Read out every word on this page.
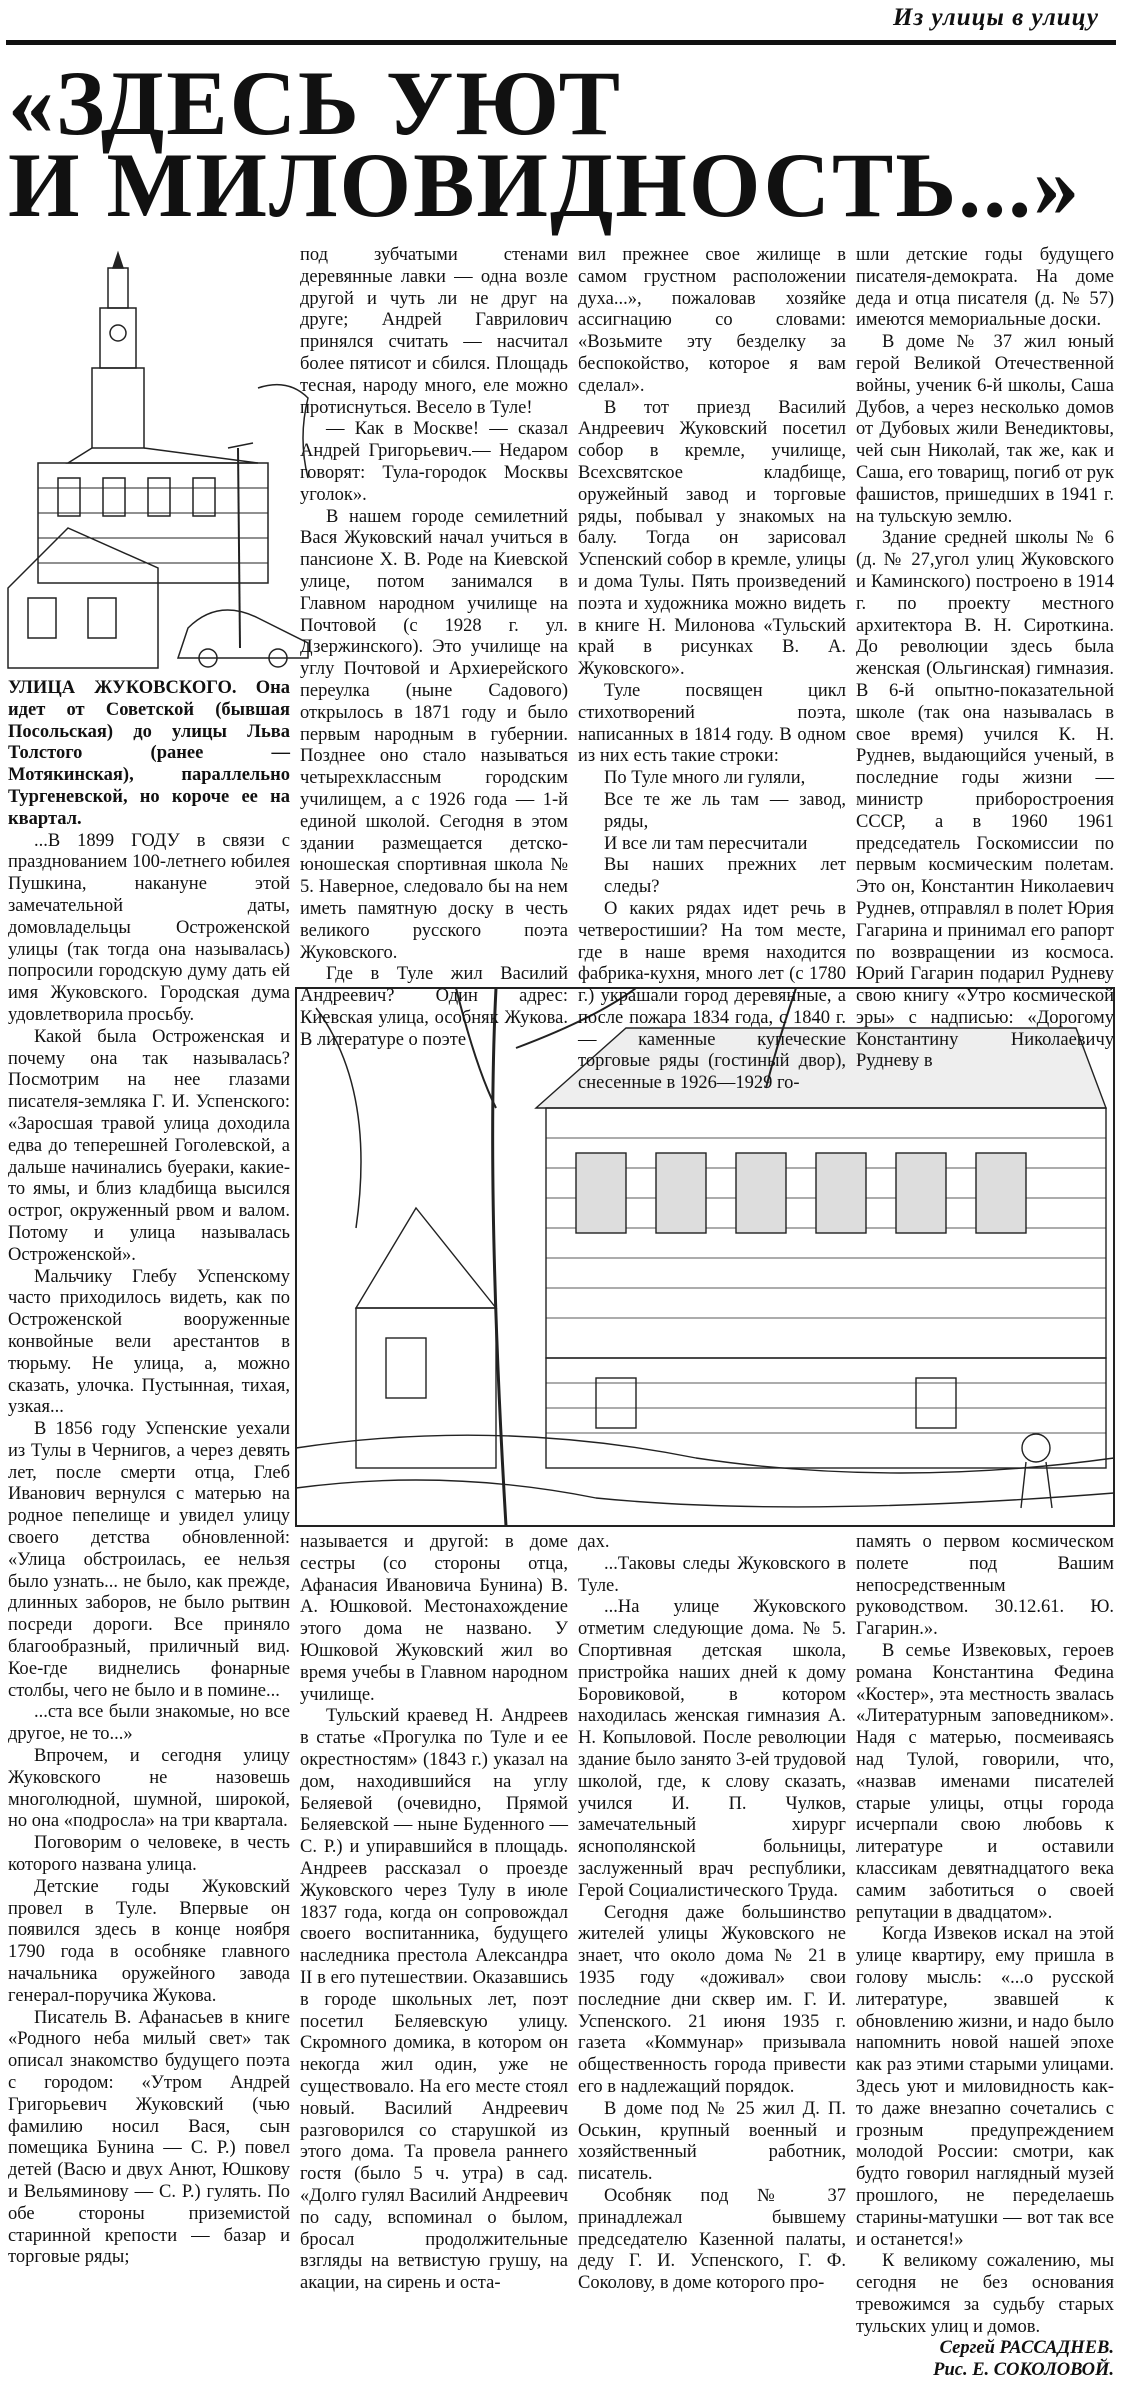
Из улицы в улицу
«ЗДЕСЬ УЮТ
И МИЛОВИДНОСТЬ...»

УЛИЦА ЖУКОВСКОГО. Она идет от Советской (бывшая Посольская) до улицы Льва Толстого (ранее — Мотякинская), параллельно Тургеневской, но короче ее на квартал.

...В 1899 ГОДУ в связи с празднованием 100-летнего юбилея Пушкина, накануне этой замечательной даты, домовладельцы Остроженской улицы (так тогда она называлась) попросили городскую думу дать ей имя Жуковского. Городская дума удовлетворила просьбу.

Какой была Остроженская и почему она так называлась? Посмотрим на нее глазами писателя-земляка Г. И. Успенского: «Заросшая травой улица доходила едва до теперешней Гоголевской, а дальше начинались буераки, какие-то ямы, и близ кладбища высился острог, окруженный рвом и валом. Потому и улица называлась Остроженской».

Мальчику Глебу Успенскому часто приходилось видеть, как по Остроженской вооруженные конвойные вели арестантов в тюрьму. Не улица, а, можно сказать, улочка. Пустынная, тихая, узкая...

В 1856 году Успенские уехали из Тулы в Чернигов, а через девять лет, после смерти отца, Глеб Иванович вернулся с матерью на родное пепелище и увидел улицу своего детства обновленной: «Улица обстроилась, ее нельзя было узнать... не было, как прежде, длинных заборов, не было рытвин посреди дороги. Все приняло благообразный, приличный вид. Кое-где виднелись фонарные столбы, чего не было и в помине...

...ста все были знакомые, но все другое, не то...»

Впрочем, и сегодня улицу Жуковского не назовешь многолюдной, шумной, широкой, но она «подросла» на три квартала.

Поговорим о человеке, в честь которого названа улица.

Детские годы Жуковский провел в Туле. Впервые он появился здесь в конце ноября 1790 года в особняке главного начальника оружейного завода генерал-поручика Жукова.

Писатель В. Афанасьев в книге «Родного неба милый свет» так описал знакомство будущего поэта с городом: «Утром Андрей Григорьевич Жуковский (чью фамилию носил Вася, сын помещика Бунина — С. Р.) повел детей (Васю и двух Анют, Юшкову и Вельяминову — С. Р.) гулять. По обе стороны приземистой старинной крепости — базар и торговые ряды;

под зубчатыми стенами деревянные лавки — одна возле другой и чуть ли не друг на друге; Андрей Гаврилович принялся считать — насчитал более пятисот и сбился. Площадь тесная, народу много, еле можно протиснуться. Весело в Туле!

— Как в Москве! — сказал Андрей Григорьевич.— Недаром говорят: Тула-городок Москвы уголок».

В нашем городе семилетний Вася Жуковский начал учиться в пансионе Х. В. Роде на Киевской улице, потом занимался в Главном народном училище на Почтовой (с 1928 г. ул. Дзержинского). Это училище на углу Почтовой и Архиерейского переулка (ныне Садового) открылось в 1871 году и было первым народным в губернии. Позднее оно стало называться четырехклассным городским училищем, а с 1926 года — 1-й единой школой. Сегодня в этом здании размещается детско-юношеская спортивная школа № 5. Наверное, следовало бы на нем иметь памятную доску в честь великого русского поэта Жуковского.

Где в Туле жил Василий Андреевич? Один адрес: Киевская улица, особняк Жукова. В литературе о поэте

вил прежнее свое жилище в самом грустном расположении духа...», пожаловав хозяйке ассигнацию со словами: «Возьмите эту безделку за беспокойство, которое я вам сделал».

В тот приезд Василий Андреевич Жуковский посетил собор в кремле, училище, Всехсвятское кладбище, оружейный завод и торговые ряды, побывал у знакомых на балу. Тогда он зарисовал Успенский собор в кремле, улицы и дома Тулы. Пять произведений поэта и художника можно видеть в книге Н. Милонова «Тульский край в рисунках В. А. Жуковского».

Туле посвящен цикл стихотворений поэта, написанных в 1814 году. В одном из них есть такие строки:

По Туле много ли гуляли,
Все те же ль там — завод, ряды,
И все ли там пересчитали
Вы наших прежних лет следы?

О каких рядах идет речь в четверостишии? На том месте, где в наше время находится фабрика-кухня, много лет (с 1780 г.) украшали город деревянные, а после пожара 1834 года, с 1840 г.— каменные купеческие торговые ряды (гостиный двор), снесенные в 1926—1929 го-

шли детские годы будущего писателя-демократа. На доме деда и отца писателя (д. № 57) имеются мемориальные доски.

В доме № 37 жил юный герой Великой Отечественной войны, ученик 6-й школы, Саша Дубов, а через несколько домов от Дубовых жили Венедиктовы, чей сын Николай, так же, как и Саша, его товарищ, погиб от рук фашистов, пришедших в 1941 г. на тульскую землю.

Здание средней школы № 6 (д. № 27,угол улиц Жуковского и Каминского) построено в 1914 г. по проекту местного архитектора В. Н. Сироткина. До революции здесь была женская (Ольгинская) гимназия. В 6-й опытно-показательной школе (так она называлась в свое время) учился К. Н. Руднев, выдающийся ученый, в последние годы жизни — министр приборостроения СССР, а в 1960 1961 председатель Госкомиссии по первым космическим полетам. Это он, Константин Николаевич Руднев, отправлял в полет Юрия Гагарина и принимал его рапорт по возвращении из космоса. Юрий Гагарин подарил Рудневу свою книгу «Утро космической эры» с надписью: «Дорогому Константину Николаевичу Рудневу в

называется и другой: в доме сестры (со стороны отца, Афанасия Ивановича Бунина) В. А. Юшковой. Местонахождение этого дома не названо. У Юшковой Жуковский жил во время учебы в Главном народном училище.

Тульский краевед Н. Андреев в статье «Прогулка по Туле и ее окрестностям» (1843 г.) указал на дом, находившийся на углу Беляевой (очевидно, Прямой Беляевской — ныне Буденного — С. Р.) и упиравшийся в площадь. Андреев рассказал о проезде Жуковского через Тулу в июле 1837 года, когда он сопровождал своего воспитанника, будущего наследника престола Александра II в его путешествии. Оказавшись в городе школьных лет, поэт посетил Беляевскую улицу. Скромного домика, в котором он некогда жил один, уже не существовало. На его месте стоял новый. Василий Андреевич разговорился со старушкой из этого дома. Та провела раннего гостя (было 5 ч. утра) в сад. «Долго гулял Василий Андреевич по саду, вспоминал о былом, бросал продолжительные взгляды на ветвистую грушу, на акации, на сирень и оста-

дах.

...Таковы следы Жуковского в Туле.

...На улице Жуковского отметим следующие дома. № 5. Спортивная детская школа, пристройка наших дней к дому Боровиковой, в котором находилась женская гимназия А. Н. Копыловой. После революции здание было занято 3-ей трудовой школой, где, к слову сказать, учился И. П. Чулков, замечательный хирург яснополянской больницы, заслуженный врач республики, Герой Социалистического Труда.

Сегодня даже большинство жителей улицы Жуковского не знает, что около дома № 21 в 1935 году «доживал» свои последние дни сквер им. Г. И. Успенского. 21 июня 1935 г. газета «Коммунар» призывала общественность города привести его в надлежащий порядок.

В доме под № 25 жил Д. П. Оськин, крупный военный и хозяйственный работник, писатель.

Особняк под № 37 принадлежал бывшему председателю Казенной палаты, деду Г. И. Успенского, Г. Ф. Соколову, в доме которого про-

память о первом космическом полете под Вашим непосредственным руководством. 30.12.61. Ю. Гагарин.».

В семье Извековых, героев романа Константина Федина «Костер», эта местность звалась «Литературным заповедником». Надя с матерью, посмеиваясь над Тулой, говорили, что, «назвав именами писателей старые улицы, отцы города исчерпали свою любовь к литературе и оставили классикам девятнадцатого века самим заботиться о своей репутации в двадцатом».

Когда Извеков искал на этой улице квартиру, ему пришла в голову мысль: «...о русской литературе, звавшей к обновлению жизни, и надо было напомнить новой нашей эпохе как раз этими старыми улицами. Здесь уют и миловидность как-то даже внезапно сочетались с грозным предупреждением молодой России: смотри, как будто говорил наглядный музей прошлого, не переделаешь старины-матушки — вот так все и останется!»

К великому сожалению, мы сегодня не без основания тревожимся за судьбу старых тульских улиц и домов.

Сергей РАССАДНЕВ.

Рис. Е. СОКОЛОВОЙ.
